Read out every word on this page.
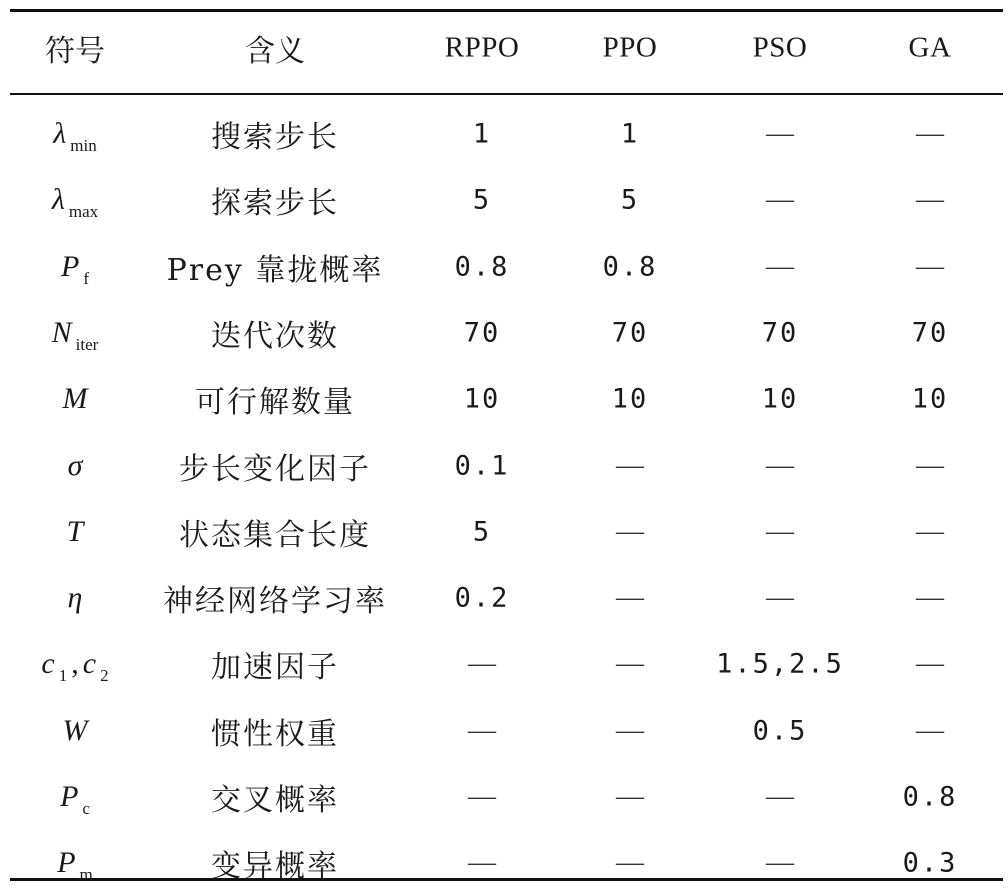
符号	含义	RPPO	PPO	PSO	GA
λ $_{min}$	搜索步长	1	1	—	—
λ $_{max}$	探索步长	5	5	—	—
P $_f$	Prey 靠拢概率	0.8	0.8	—	—
N $_{iter}$	迭代次数	70	70	70	70
M	可行解数量	10	10	10	10
σ	步长变化因子	0.1	—	—	—
T	状态集合长度	5	—	—	—
η	神经网络学习率	0.2	—	—	—
c $_1$ , c $_2$	加速因子	—	—	1.5,2.5	—
W	惯性权重	—	—	0.5	—
P $_c$	交叉概率	—	—	—	0.8
P $_m$	变异概率	—	—	—	0.3
